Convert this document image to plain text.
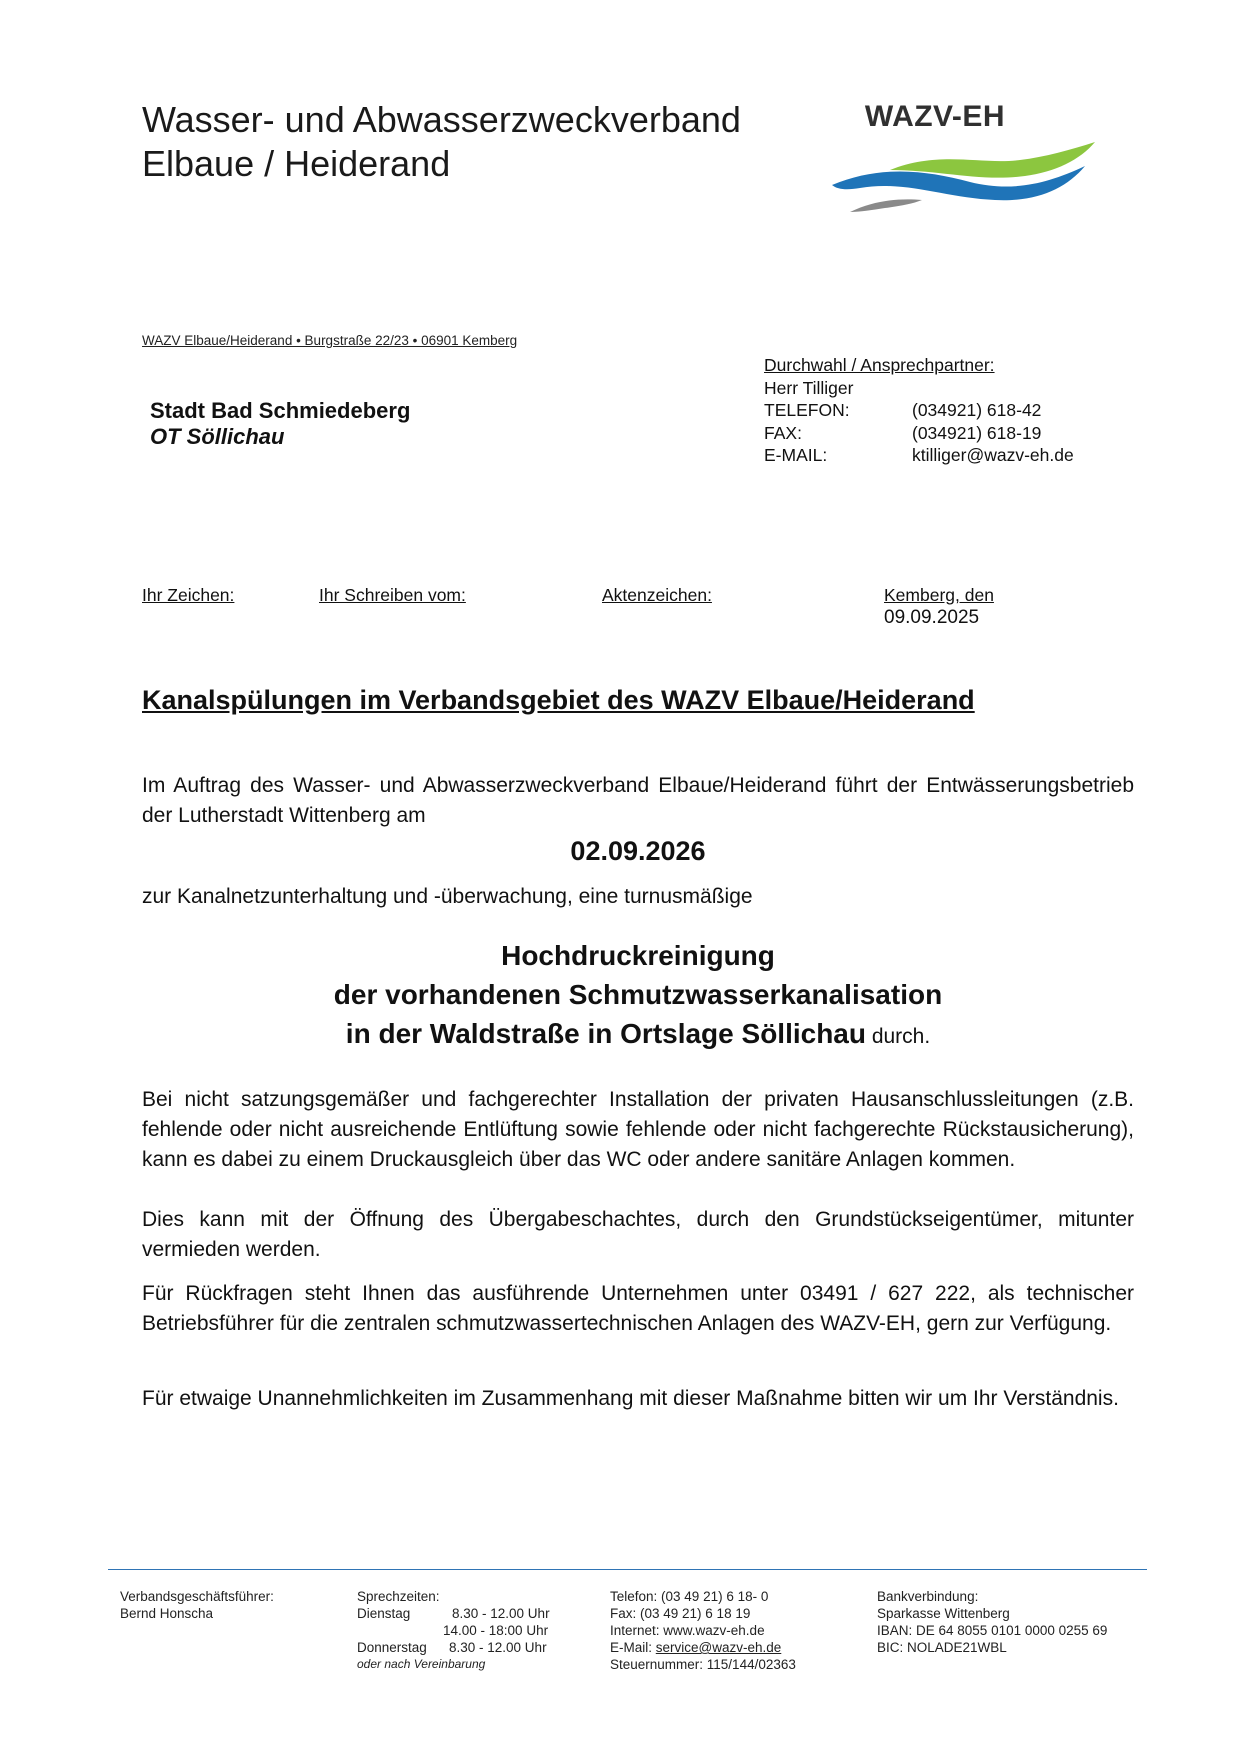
Wasser- und Abwasserzweckverband
Elbaue / Heiderand
WAZV-EH
WAZV Elbaue/Heiderand • Burgstraße 22/23 • 06901 Kemberg
Stadt Bad Schmiedeberg
OT Söllichau
Durchwahl / Ansprechpartner:
Herr Tilliger
TELEFON:	(034921) 618-42
FAX:	(034921) 618-19
E-MAIL:	ktilliger@wazv-eh.de
Ihr Zeichen:	Ihr Schreiben vom:	Aktenzeichen:	Kemberg, den
09.09.2025
Kanalspülungen im Verbandsgebiet des WAZV Elbaue/Heiderand
Im Auftrag des Wasser- und Abwasserzweckverband Elbaue/Heiderand führt der Entwässerungsbetrieb der Lutherstadt Wittenberg am
02.09.2026
zur Kanalnetzunterhaltung und -überwachung, eine turnusmäßige
Hochdruckreinigung
der vorhandenen Schmutzwasserkanalisation
in der Waldstraße in Ortslage Söllichau durch.
Bei nicht satzungsgemäßer und fachgerechter Installation der privaten Hausanschlussleitungen (z.B. fehlende oder nicht ausreichende Entlüftung sowie fehlende oder nicht fachgerechte Rückstausicherung), kann es dabei zu einem Druckausgleich über das WC oder andere sanitäre Anlagen kommen.
Dies kann mit der Öffnung des Übergabeschachtes, durch den Grundstückseigentümer, mitunter vermieden werden.
Für Rückfragen steht Ihnen das ausführende Unternehmen unter 03491 / 627 222, als technischer Betriebsführer für die zentralen schmutzwassertechnischen Anlagen des WAZV-EH, gern zur Verfügung.
Für etwaige Unannehmlichkeiten im Zusammenhang mit dieser Maßnahme bitten wir um Ihr Verständnis.
Verbandsgeschäftsführer:
Bernd Honscha
Sprechzeiten:
Dienstag	8.30 - 12.00 Uhr
14.00 - 18:00 Uhr
Donnerstag	8.30 - 12.00 Uhr
oder nach Vereinbarung
Telefon: (03 49 21) 6 18- 0
Fax: (03 49 21) 6 18 19
Internet: www.wazv-eh.de
E-Mail: service@wazv-eh.de
Steuernummer: 115/144/02363
Bankverbindung:
Sparkasse Wittenberg
IBAN: DE 64 8055 0101 0000 0255 69
BIC: NOLADE21WBL
